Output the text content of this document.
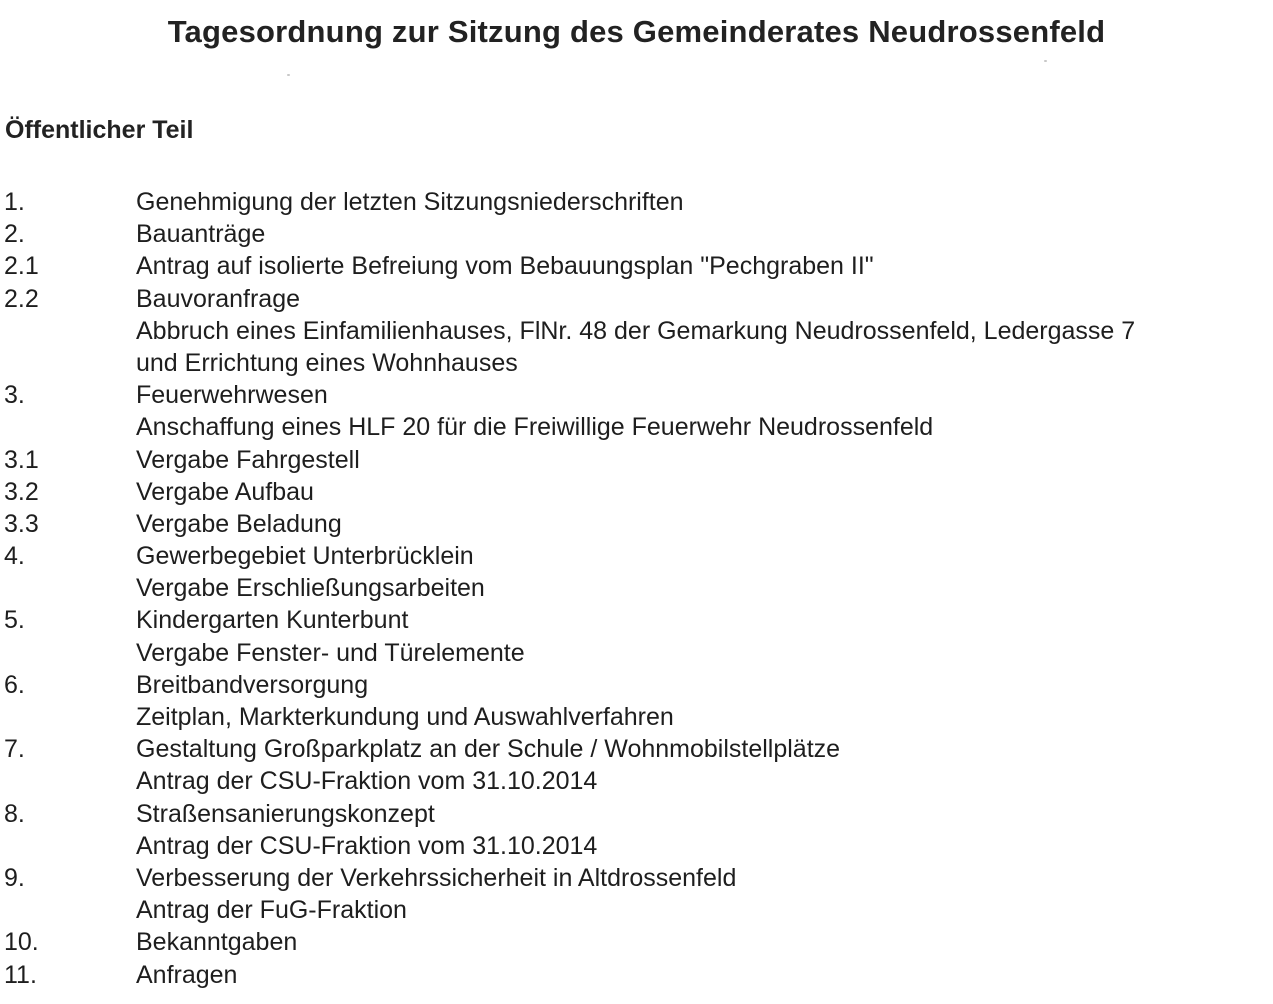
Tagesordnung zur Sitzung des Gemeinderates Neudrossenfeld
Öffentlicher Teil
1.	Genehmigung der letzten Sitzungsniederschriften
2.	Bauanträge
2.1	Antrag auf isolierte Befreiung vom Bebauungsplan "Pechgraben II"
2.2	Bauvoranfrage
Abbruch eines Einfamilienhauses, FlNr. 48 der Gemarkung Neudrossenfeld, Ledergasse 7
und Errichtung eines Wohnhauses
3.	Feuerwehrwesen
Anschaffung eines HLF 20 für die Freiwillige Feuerwehr Neudrossenfeld
3.1	Vergabe Fahrgestell
3.2	Vergabe Aufbau
3.3	Vergabe Beladung
4.	Gewerbegebiet Unterbrücklein
Vergabe Erschließungsarbeiten
5.	Kindergarten Kunterbunt
Vergabe Fenster- und Türelemente
6.	Breitbandversorgung
Zeitplan, Markterkundung und Auswahlverfahren
7.	Gestaltung Großparkplatz an der Schule / Wohnmobilstellplätze
Antrag der CSU-Fraktion vom 31.10.2014
8.	Straßensanierungskonzept
Antrag der CSU-Fraktion vom 31.10.2014
9.	Verbesserung der Verkehrssicherheit in Altdrossenfeld
Antrag der FuG-Fraktion
10.	Bekanntgaben
11.	Anfragen
